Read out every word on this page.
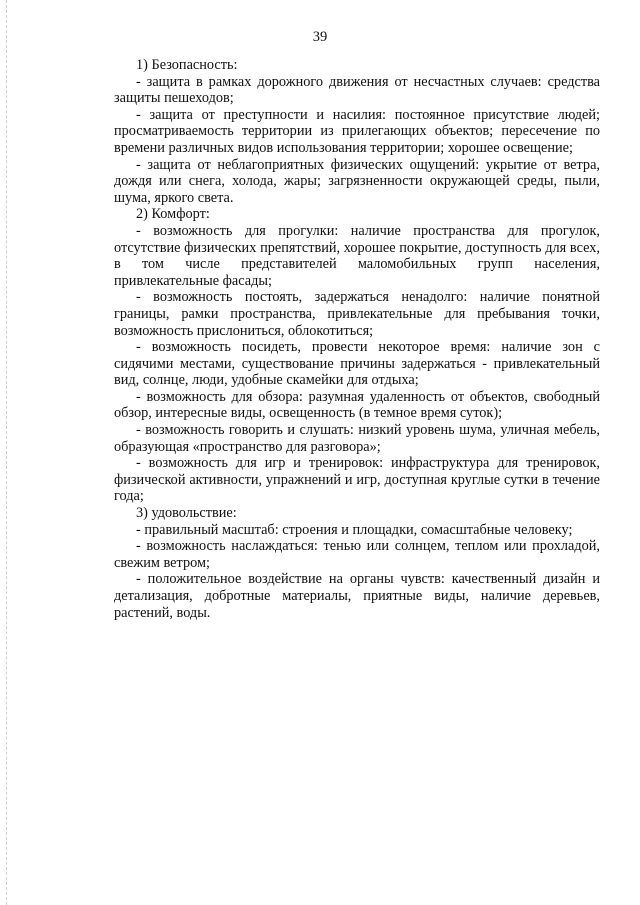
39

1) Безопасность:

- защита в рамках дорожного движения от несчастных случаев: средства защиты пешеходов;

- защита от преступности и насилия: постоянное присутствие людей; просматриваемость территории из прилегающих объектов; пересечение по времени различных видов использования территории; хорошее освещение;

- защита от неблагоприятных физических ощущений: укрытие от ветра, дождя или снега, холода, жары; загрязненности окружающей среды, пыли, шума, яркого света.

2) Комфорт:

- возможность для прогулки: наличие пространства для прогулок, отсутствие физических препятствий, хорошее покрытие, доступность для всех, в том числе представителей маломобильных групп населения, привлекательные фасады;

- возможность постоять, задержаться ненадолго: наличие понятной границы, рамки пространства, привлекательные для пребывания точки, возможность прислониться, облокотиться;

- возможность посидеть, провести некоторое время: наличие зон с сидячими местами, существование причины задержаться - привлекательный вид, солнце, люди, удобные скамейки для отдыха;

- возможность для обзора: разумная удаленность от объектов, свободный обзор, интересные виды, освещенность (в темное время суток);

- возможность говорить и слушать: низкий уровень шума, уличная мебель, образующая «пространство для разговора»;

- возможность для игр и тренировок: инфраструктура для тренировок, физической активности, упражнений и игр, доступная круглые сутки в течение года;

3) удовольствие:

- правильный масштаб: строения и площадки, сомасштабные человеку;

- возможность наслаждаться: тенью или солнцем, теплом или прохладой, свежим ветром;

- положительное воздействие на органы чувств: качественный дизайн и детализация, добротные материалы, приятные виды, наличие деревьев, растений, воды.
